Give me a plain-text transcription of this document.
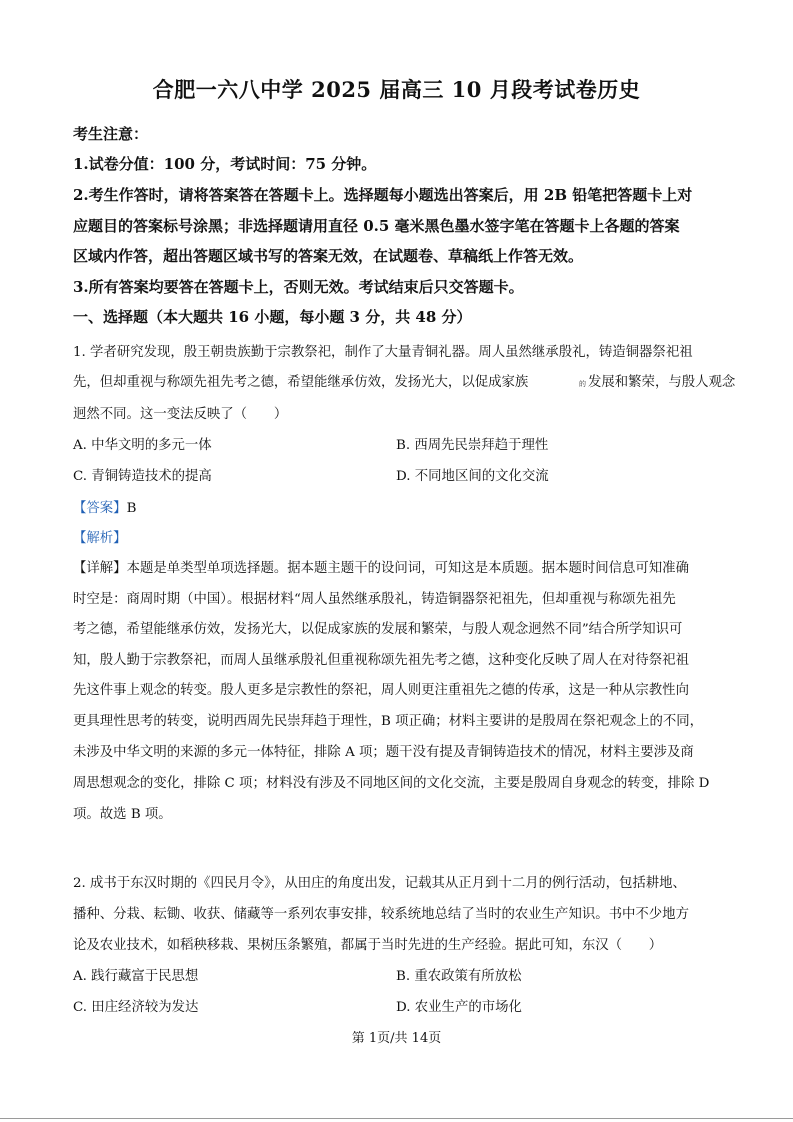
合肥一六八中学 2025 届高三 10 月段考试卷历史
考生注意：
1.试卷分值：100 分，考试时间：75 分钟。
2.考生作答时，请将答案答在答题卡上。选择题每小题选出答案后，用 2B 铅笔把答题卡上对
应题目的答案标号涂黑；非选择题请用直径 0.5 毫米黑色墨水签字笔在答题卡上各题的答案
区域内作答，超出答题区域书写的答案无效，在试题卷、草稿纸上作答无效。
3.所有答案均要答在答题卡上，否则无效。考试结束后只交答题卡。
一、选择题（本大题共 16 小题，每小题 3 分，共 48 分）
1. 学者研究发现，殷王朝贵族勤于宗教祭祀，制作了大量青铜礼器。周人虽然继承殷礼，铸造铜器祭祀祖
先，但却重视与称颂先祖先考之德，希望能继承仿效，发扬光大，以促成家族	的 发展和繁荣，与殷人观念
迥然不同。这一变法反映了（　　）
A. 中华文明的多元一体	B. 西周先民崇拜趋于理性
C. 青铜铸造技术的提高	D. 不同地区间的文化交流
【答案】B
【解析】
【详解】本题是单类型单项选择题。据本题主题干的设问词，可知这是本质题。据本题时间信息可知准确
时空是：商周时期（中国）。根据材料“周人虽然继承殷礼，铸造铜器祭祀祖先，但却重视与称颂先祖先
考之德，希望能继承仿效，发扬光大，以促成家族的发展和繁荣，与殷人观念迥然不同”结合所学知识可
知，殷人勤于宗教祭祀，而周人虽继承殷礼但重视称颂先祖先考之德，这种变化反映了周人在对待祭祀祖
先这件事上观念的转变。殷人更多是宗教性的祭祀，周人则更注重祖先之德的传承，这是一种从宗教性向
更具理性思考的转变，说明西周先民崇拜趋于理性，B 项正确；材料主要讲的是殷周在祭祀观念上的不同，
未涉及中华文明的来源的多元一体特征，排除 A 项；题干没有提及青铜铸造技术的情况，材料主要涉及商
周思想观念的变化，排除 C 项；材料没有涉及不同地区间的文化交流，主要是殷周自身观念的转变，排除 D
项。故选 B 项。
2. 成书于东汉时期的《四民月令》，从田庄的角度出发，记载其从正月到十二月的例行活动，包括耕地、
播种、分栽、耘锄、收获、储藏等一系列农事安排，较系统地总结了当时的农业生产知识。书中不少地方
论及农业技术，如稻秧移栽、果树压条繁殖，都属于当时先进的生产经验。据此可知，东汉（　　）
A. 践行藏富于民思想	B. 重农政策有所放松
C. 田庄经济较为发达	D. 农业生产的市场化
第 1页/共 14页
